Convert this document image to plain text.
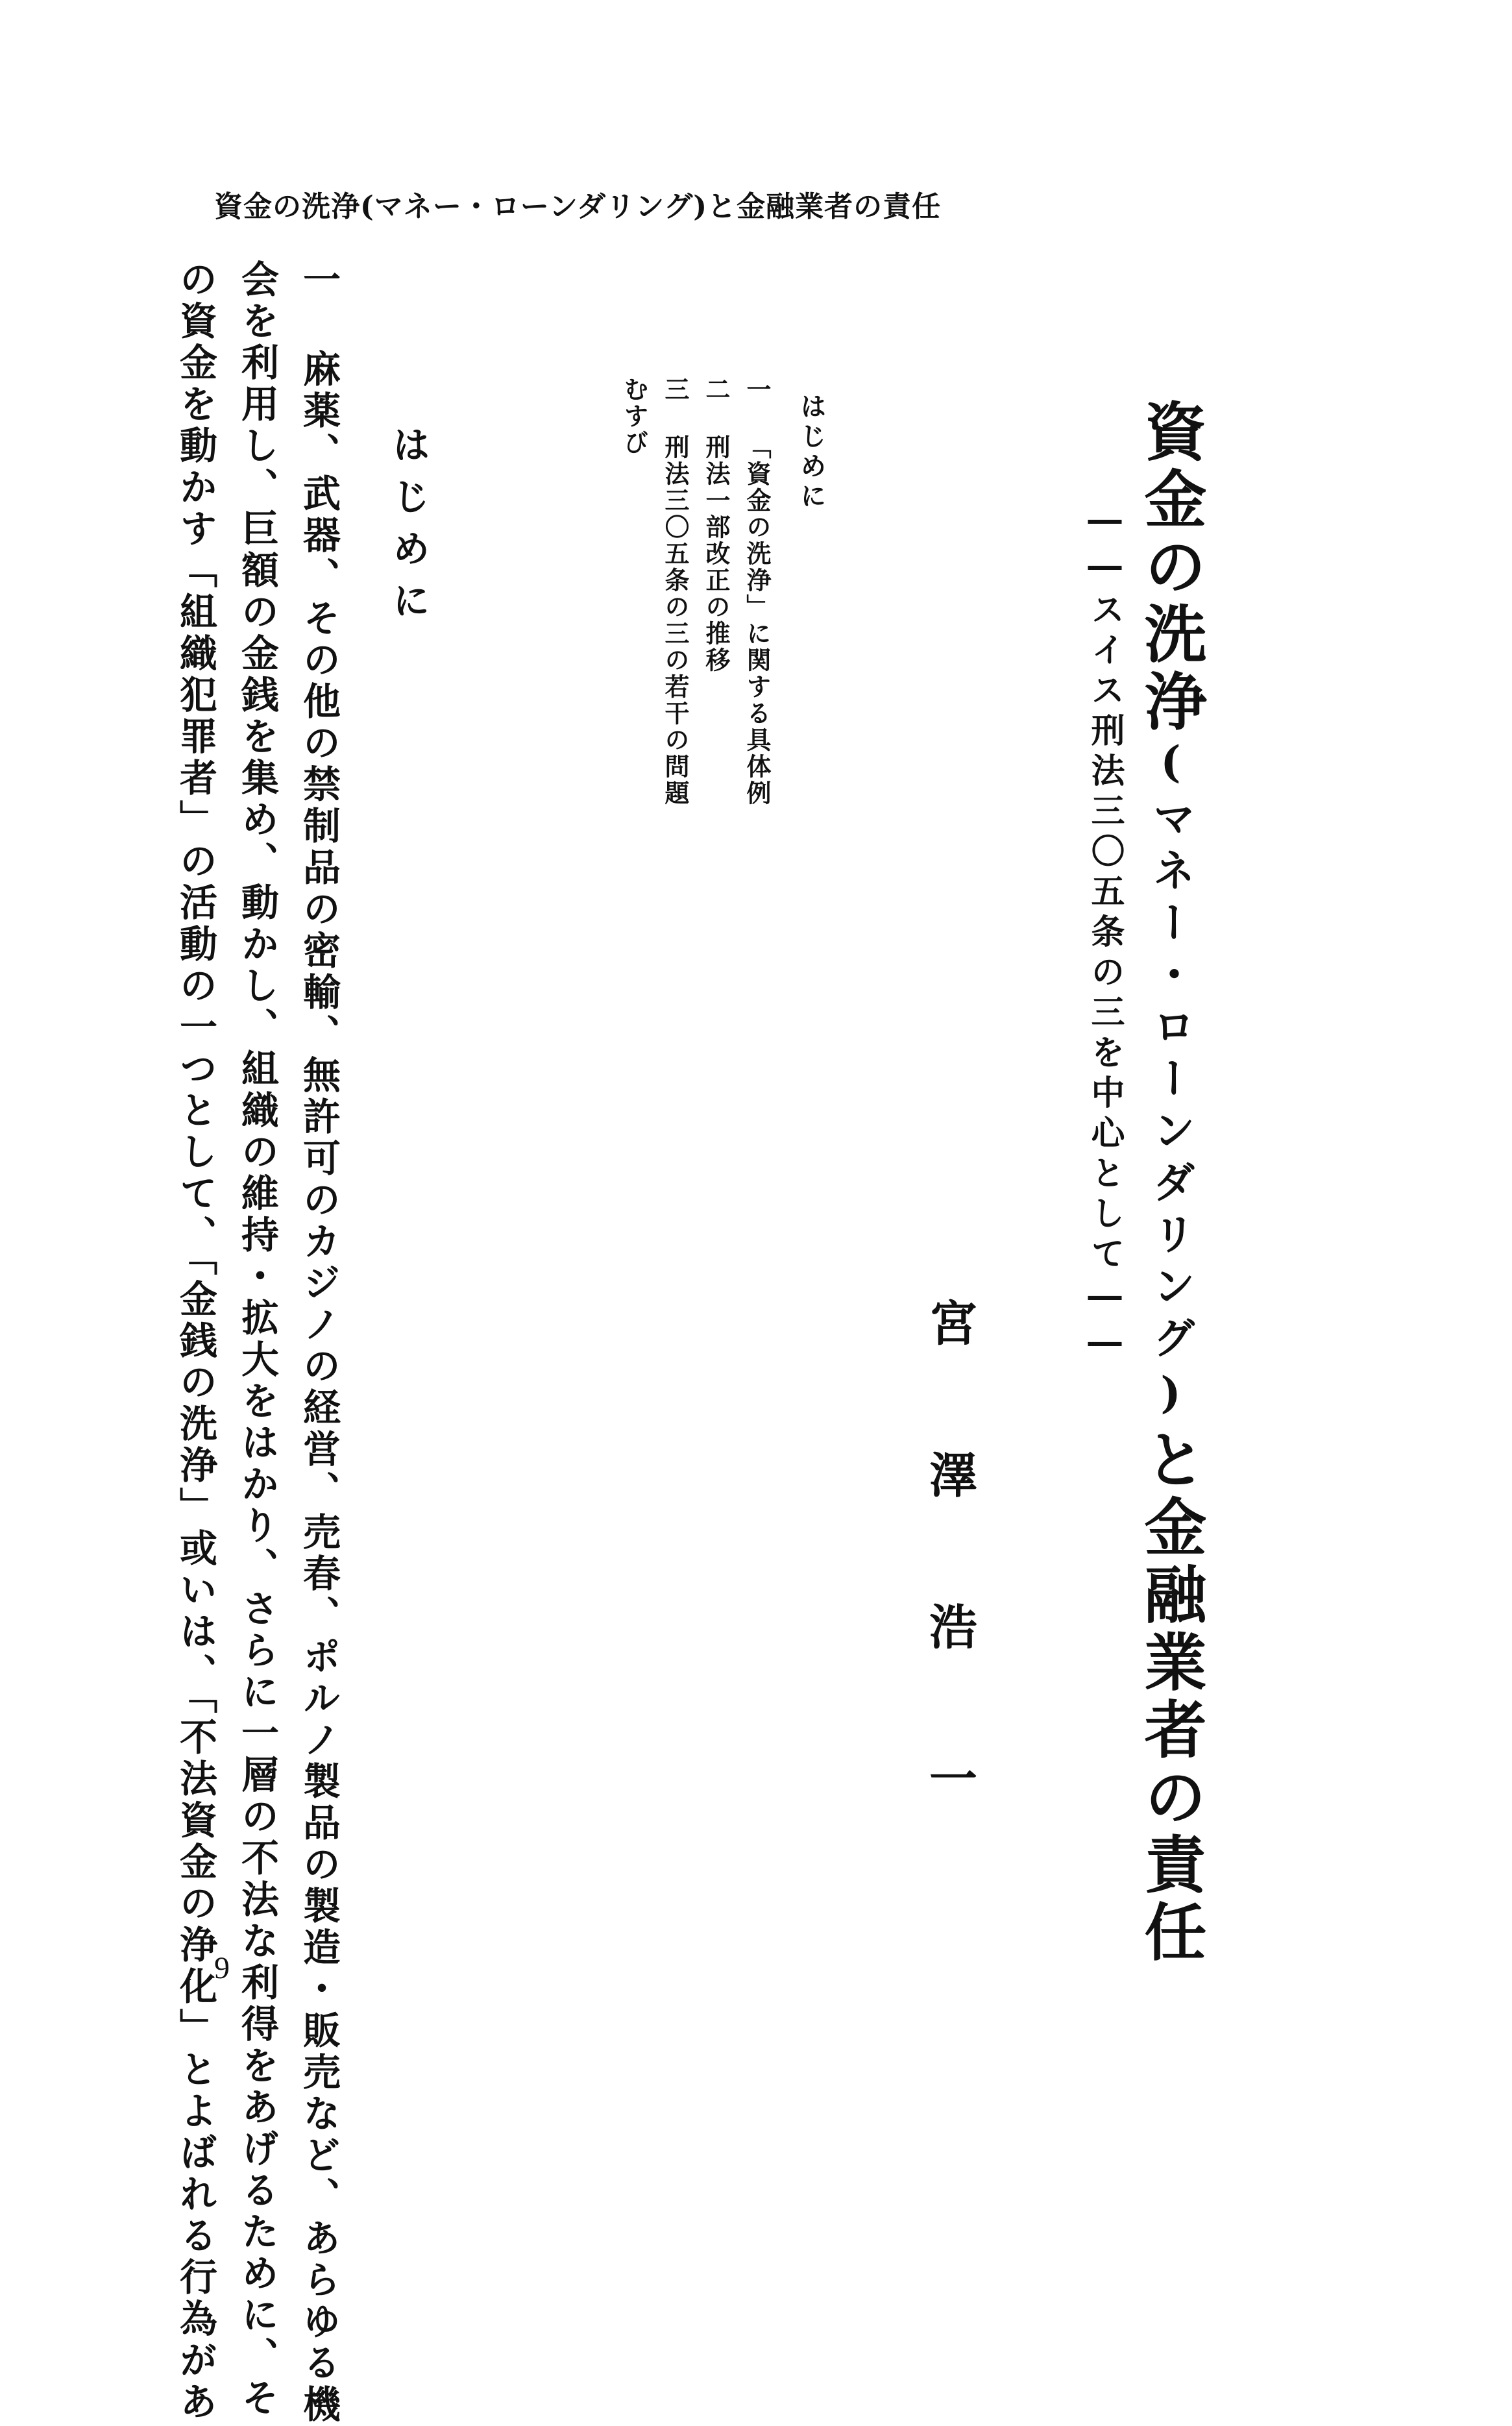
資金の洗浄(マネー・ローンダリング)と金融業者の責任
資金の洗浄(マネー・ローンダリング)と金融業者の責任
――スイス刑法三〇五条の三を中心として――
宮澤浩一
はじめに
一 「資金の洗浄」に関する具体例
二 刑法一部改正の推移
三 刑法三〇五条の三の若干の問題
むすび
はじめに
一 麻薬、武器、その他の禁制品の密輸、無許可のカジノの経営、売春、ポルノ製品の製造・販売など、あらゆる機
会を利用し、巨額の金銭を集め、動かし、組織の維持・拡大をはかり、さらに一層の不法な利得をあげるために、そ
の資金を動かす「組織犯罪者」の活動の一つとして、「金銭の洗浄」或いは、「不法資金の浄化」とよばれる行為があ
9
